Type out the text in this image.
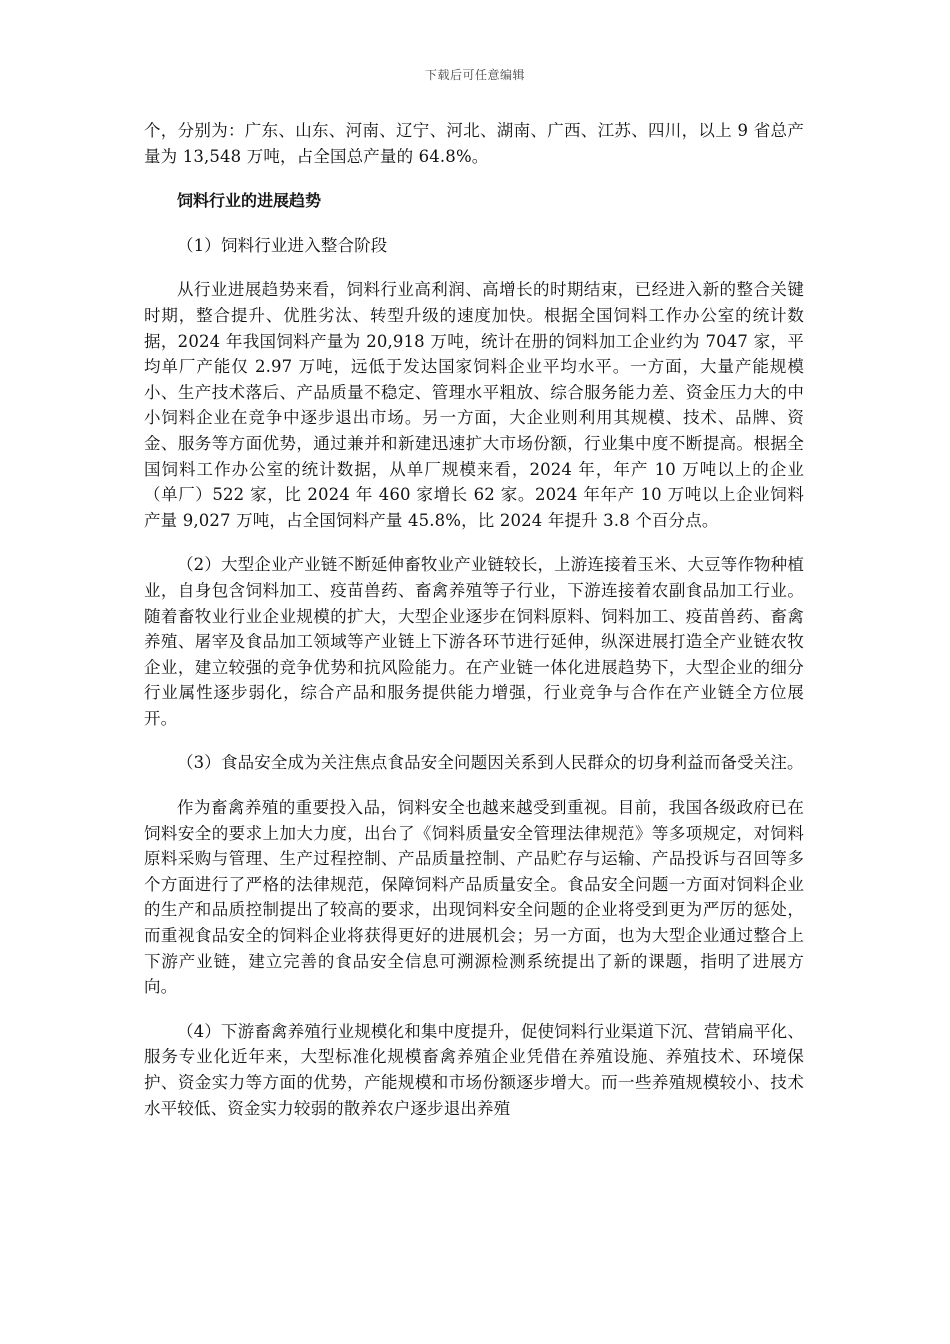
下载后可任意编辑

个，分别为：广东、山东、河南、辽宁、河北、湖南、广西、江苏、四川，以上 9 省总产量为 13,548 万吨，占全国总产量的 64.8%。

饲料行业的进展趋势

（1）饲料行业进入整合阶段

从行业进展趋势来看，饲料行业高利润、高增长的时期结束，已经进入新的整合关键时期，整合提升、优胜劣汰、转型升级的速度加快。根据全国饲料工作办公室的统计数据，2024 年我国饲料产量为 20,918 万吨，统计在册的饲料加工企业约为 7047 家，平均单厂产能仅 2.97 万吨，远低于发达国家饲料企业平均水平。一方面，大量产能规模小、生产技术落后、产品质量不稳定、管理水平粗放、综合服务能力差、资金压力大的中小饲料企业在竞争中逐步退出市场。另一方面，大企业则利用其规模、技术、品牌、资金、服务等方面优势，通过兼并和新建迅速扩大市场份额，行业集中度不断提高。根据全国饲料工作办公室的统计数据，从单厂规模来看，2024 年，年产 10 万吨以上的企业（单厂）522 家，比 2024 年 460 家增长 62 家。2024 年年产 10 万吨以上企业饲料产量 9,027 万吨，占全国饲料产量 45.8%，比 2024 年提升 3.8 个百分点。

（2）大型企业产业链不断延伸畜牧业产业链较长，上游连接着玉米、大豆等作物种植业，自身包含饲料加工、疫苗兽药、畜禽养殖等子行业，下游连接着农副食品加工行业。随着畜牧业行业企业规模的扩大，大型企业逐步在饲料原料、饲料加工、疫苗兽药、畜禽养殖、屠宰及食品加工领域等产业链上下游各环节进行延伸，纵深进展打造全产业链农牧企业，建立较强的竞争优势和抗风险能力。在产业链一体化进展趋势下，大型企业的细分行业属性逐步弱化，综合产品和服务提供能力增强，行业竞争与合作在产业链全方位展开。

（3）食品安全成为关注焦点食品安全问题因关系到人民群众的切身利益而备受关注。

作为畜禽养殖的重要投入品，饲料安全也越来越受到重视。目前，我国各级政府已在饲料安全的要求上加大力度，出台了《饲料质量安全管理法律规范》等多项规定，对饲料原料采购与管理、生产过程控制、产品质量控制、产品贮存与运输、产品投诉与召回等多个方面进行了严格的法律规范，保障饲料产品质量安全。食品安全问题一方面对饲料企业的生产和品质控制提出了较高的要求，出现饲料安全问题的企业将受到更为严厉的惩处，而重视食品安全的饲料企业将获得更好的进展机会；另一方面，也为大型企业通过整合上下游产业链，建立完善的食品安全信息可溯源检测系统提出了新的课题，指明了进展方向。

（4）下游畜禽养殖行业规模化和集中度提升，促使饲料行业渠道下沉、营销扁平化、服务专业化近年来，大型标准化规模畜禽养殖企业凭借在养殖设施、养殖技术、环境保护、资金实力等方面的优势，产能规模和市场份额逐步增大。而一些养殖规模较小、技术水平较低、资金实力较弱的散养农户逐步退出养殖
